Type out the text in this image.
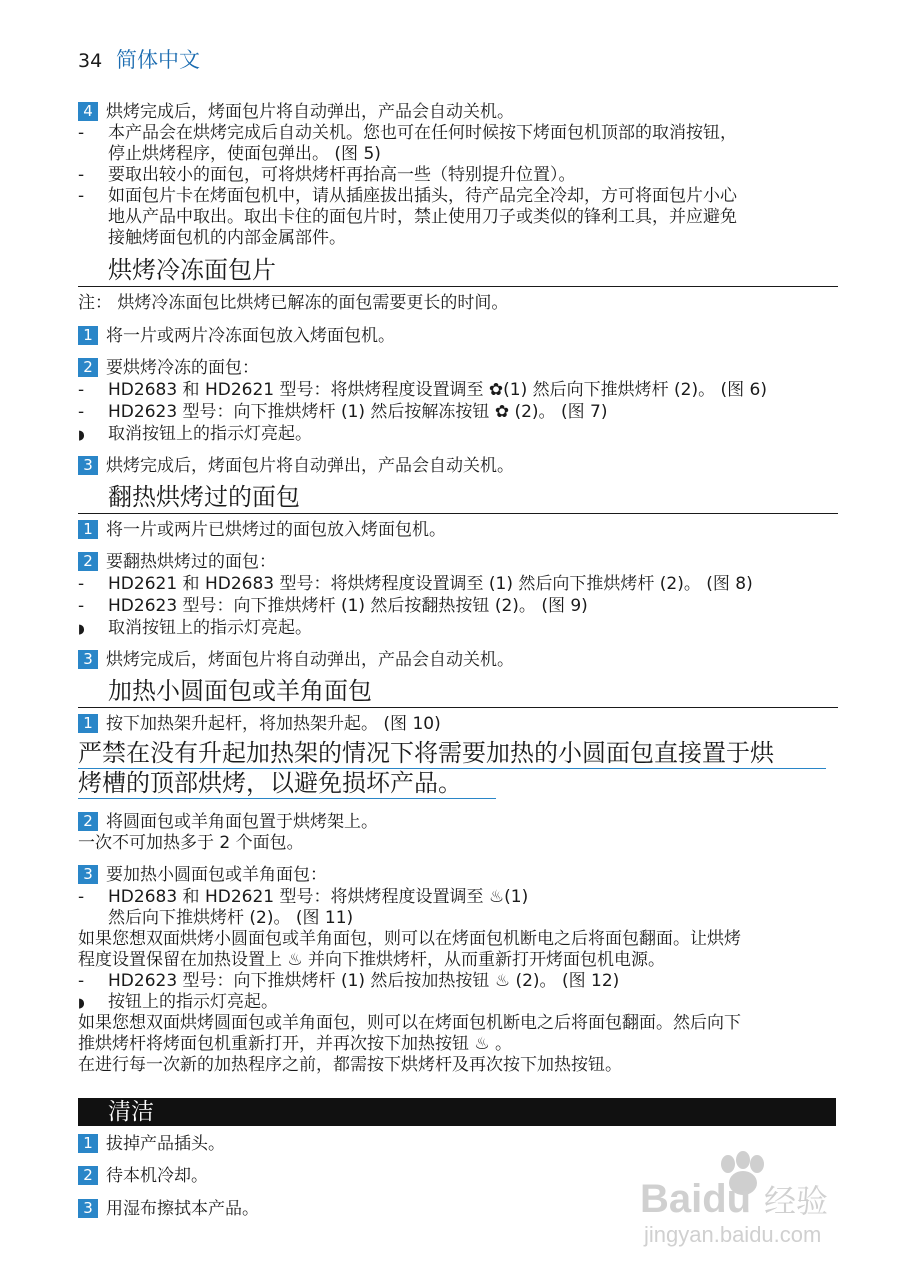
34 简体中文
4 烘烤完成后，烤面包片将自动弹出，产品会自动关机。
- 本产品会在烘烤完成后自动关机。您也可在任何时候按下烤面包机顶部的取消按钮，
停止烘烤程序，使面包弹出。 (图 5)
- 要取出较小的面包，可将烘烤杆再抬高一些（特别提升位置）。
- 如面包片卡在烤面包机中，请从插座拔出插头，待产品完全冷却，方可将面包片小心
地从产品中取出。取出卡住的面包片时，禁止使用刀子或类似的锋利工具，并应避免
接触烤面包机的内部金属部件。
烘烤冷冻面包片
注： 烘烤冷冻面包比烘烤已解冻的面包需要更长的时间。
1 将一片或两片冷冻面包放入烤面包机。
2 要烘烤冷冻的面包：
- HD2683 和 HD2621 型号：将烘烤程度设置调至 ✿(1) 然后向下推烘烤杆 (2)。 (图 6)
- HD2623 型号：向下推烘烤杆 (1) 然后按解冻按钮 ✿ (2)。 (图 7)
◗ 取消按钮上的指示灯亮起。
3 烘烤完成后，烤面包片将自动弹出，产品会自动关机。
翻热烘烤过的面包
1 将一片或两片已烘烤过的面包放入烤面包机。
2 要翻热烘烤过的面包：
- HD2621 和 HD2683 型号：将烘烤程度设置调至 (1) 然后向下推烘烤杆 (2)。 (图 8)
- HD2623 型号：向下推烘烤杆 (1) 然后按翻热按钮 (2)。 (图 9)
◗ 取消按钮上的指示灯亮起。
3 烘烤完成后，烤面包片将自动弹出，产品会自动关机。
加热小圆面包或羊角面包
1 按下加热架升起杆，将加热架升起。 (图 10)
严禁在没有升起加热架的情况下将需要加热的小圆面包直接置于烘
烤槽的顶部烘烤，以避免损坏产品。
2 将圆面包或羊角面包置于烘烤架上。
一次不可加热多于 2 个面包。
3 要加热小圆面包或羊角面包：
- HD2683 和 HD2621 型号：将烘烤程度设置调至 ♨(1)
然后向下推烘烤杆 (2)。 (图 11)
如果您想双面烘烤小圆面包或羊角面包，则可以在烤面包机断电之后将面包翻面。让烘烤
程度设置保留在加热设置上 ♨ 并向下推烘烤杆，从而重新打开烤面包机电源。
- HD2623 型号：向下推烘烤杆 (1) 然后按加热按钮 ♨ (2)。 (图 12)
◗ 按钮上的指示灯亮起。
如果您想双面烘烤圆面包或羊角面包，则可以在烤面包机断电之后将面包翻面。然后向下
推烘烤杆将烤面包机重新打开，并再次按下加热按钮 ♨ 。
在进行每一次新的加热程序之前，都需按下烘烤杆及再次按下加热按钮。
清洁
1 拔掉产品插头。
2 待本机冷却。
3 用湿布擦拭本产品。	Baidu 经验
jingyan.baidu.com
